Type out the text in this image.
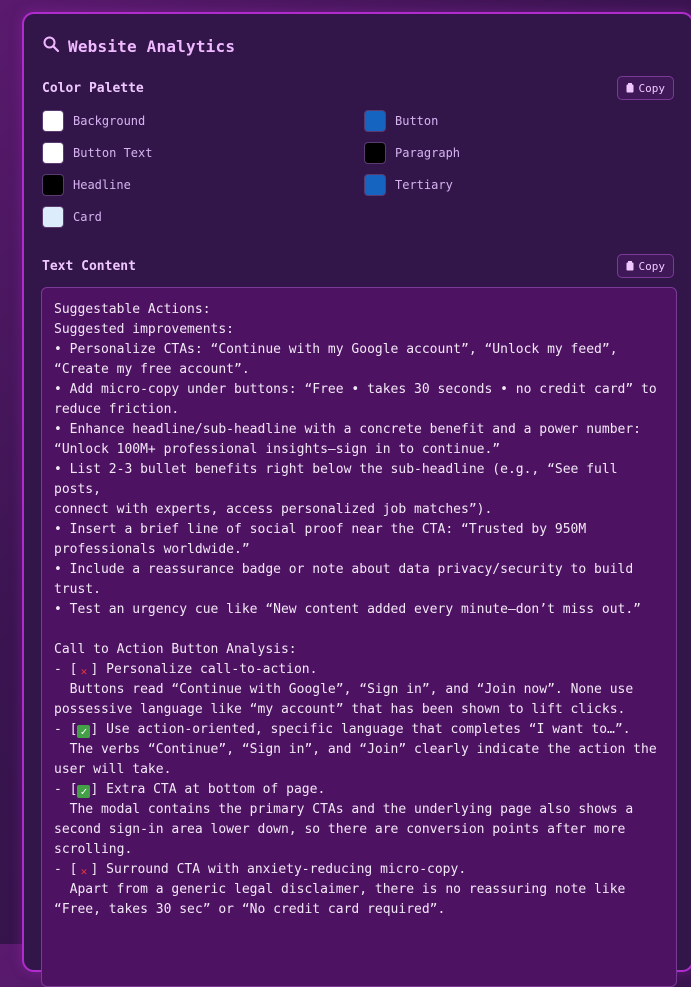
Website Analytics
Color Palette	Copy
Background	Button
Button Text	Paragraph
Headline	Tertiary
Card
Text Content	Copy
Suggestable Actions:
Suggested improvements:
• Personalize CTAs: “Continue with my Google account”, “Unlock my feed”,
“Create my free account”.
• Add micro-copy under buttons: “Free • takes 30 seconds • no credit card” to
reduce friction.
• Enhance headline/sub-headline with a concrete benefit and a power number:
“Unlock 100M+ professional insights—sign in to continue.”
• List 2-3 bullet benefits right below the sub-headline (e.g., “See full posts,
connect with experts, access personalized job matches”).
• Insert a brief line of social proof near the CTA: “Trusted by 950M
professionals worldwide.”
• Include a reassurance badge or note about data privacy/security to build
trust.
• Test an urgency cue like “New content added every minute—don’t miss out.”
Call to Action Button Analysis:
- [ ✕ ] Personalize call-to-action.
Buttons read “Continue with Google”, “Sign in”, and “Join now”. None use
possessive language like “my account” that has been shown to lift clicks.
- [ ✓ ] Use action-oriented, specific language that completes “I want to…”.
The verbs “Continue”, “Sign in”, and “Join” clearly indicate the action the
user will take.
- [ ✓ ] Extra CTA at bottom of page.
The modal contains the primary CTAs and the underlying page also shows a
second sign-in area lower down, so there are conversion points after more
scrolling.
- [ ✕ ] Surround CTA with anxiety-reducing micro-copy.
Apart from a generic legal disclaimer, there is no reassuring note like
“Free, takes 30 sec” or “No credit card required”.
